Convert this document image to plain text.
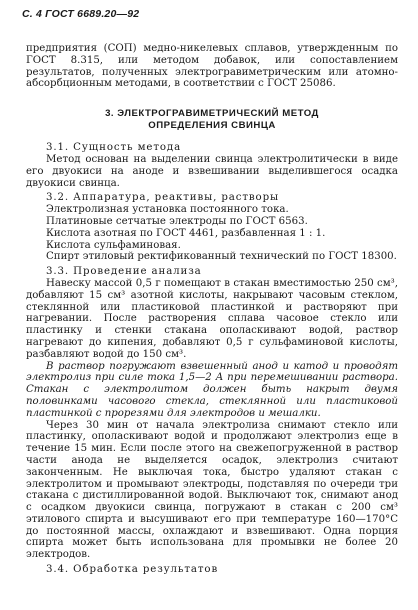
С. 4 ГОСТ 6689.20—92

предприятия (СОП) медно-никелевых сплавов, утвержденным по ГОСТ 8.315, или методом добавок, или сопоставлением результатов, полученных электрогравиметрическим или атомно-абсорбционным методами, в соответствии с ГОСТ 25086.

3. ЭЛЕКТРОГРАВИМЕТРИЧЕСКИЙ МЕТОД
ОПРЕДЕЛЕНИЯ СВИНЦА
3.1. Сущность метода

Метод основан на выделении свинца электролитически в виде его двуокиси на аноде и взвешивании выделившегося осадка двуокиси свинца.

3.2. Аппаратура, реактивы, растворы
Электролизная установка постоянного тока.
Платиновые сетчатые электроды по ГОСТ 6563.
Кислота азотная по ГОСТ 4461, разбавленная 1 : 1.
Кислота сульфаминовая.

Спирт этиловый ректификованный технический по ГОСТ 18300.

3.3. Проведение анализа

Навеску массой 0,5 г помещают в стакан вместимостью 250 см³, добавляют 15 см³ азотной кислоты, накрывают часовым стеклом, стеклянной или пластиковой пластинкой и растворяют при нагревании. После растворения сплава часовое стекло или пластинку и стенки стакана ополаскивают водой, раствор нагревают до кипения, добавляют 0,5 г сульфаминовой кислоты, разбавляют водой до 150 см³.

В раствор погружают взвешенный анод и катод и проводят электролиз при силе тока 1,5—2 А при перемешивании раствора. Стакан с электролитом должен быть накрыт двумя половинками часового стекла, стеклянной или пластиковой пластинкой с прорезями для электродов и мешалки.

Через 30 мин от начала электролиза снимают стекло или пластинку, ополаскивают водой и продолжают электролиз еще в течение 15 мин. Если после этого на свежепогруженной в раствор части анода не выделяется осадок, электролиз считают законченным. Не выключая тока, быстро удаляют стакан с электролитом и промывают электроды, подставляя по очереди три стакана с дистиллированной водой. Выключают ток, снимают анод с осадком двуокиси свинца, погружают в стакан с 200 см³ этилового спирта и высушивают его при температуре 160—170°С до постоянной массы, охлаждают и взвешивают. Одна порция спирта может быть использована для промывки не более 20 электродов.

3.4. Обработка результатов
